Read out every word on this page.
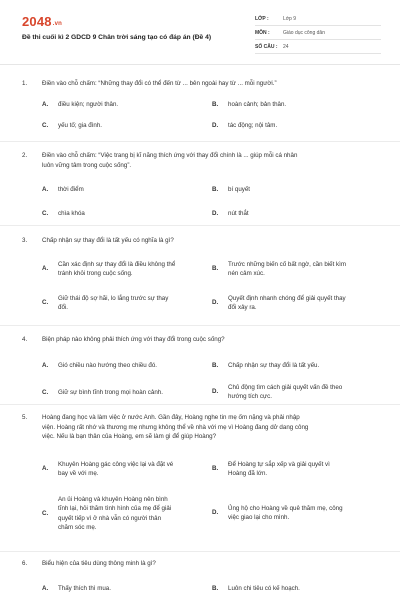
2048.vn
Đề thi cuối kì 2 GDCD 9 Chân trời sáng tạo có đáp án (Đề 4)
LỚP :	Lớp 9
MÔN :	Giáo dục công dân
SỐ CÂU :	24
1. Điền vào chỗ chấm: “Những thay đổi có thể đến từ ... bên ngoài hay từ ... mỗi người.”
A.	điều kiện; người thân.	B.	hoàn cảnh; bản thân.
C.	yếu tố; gia đình.	D.	tác động; nội tâm.
2. Điền vào chỗ chấm: “Việc trang bị kĩ năng thích ứng với thay đổi chính là ... giúp mỗi cá nhân
luôn vững tâm trong cuộc sống”.
A.	thời điểm	B.	bí quyết
C.	chìa khóa	D.	nút thắt
3. Chấp nhận sự thay đổi là tất yếu có nghĩa là gì?
A.
Cần xác định sự thay đổi là điều không thể
tránh khỏi trong cuộc sống.
B.
Trước những biến cố bất ngờ, cần biết kìm
nén cảm xúc.
C.
Giữ thái độ sợ hãi, lo lắng trước sự thay
đổi.
D.
Quyết định nhanh chóng để giải quyết thay
đổi xảy ra.
4. Biện pháp nào không phải thích ứng với thay đổi trong cuộc sống?
A.	Gió chiều nào hướng theo chiều đó.	B.	Chấp nhận sự thay đổi là tất yếu.
C.	Giữ sự bình tĩnh trong mọi hoàn cảnh.	D.
Chủ động tìm cách giải quyết vấn đề theo
hướng tích cực.
5. Hoàng đang học và làm việc ở nước Anh. Gần đây, Hoàng nghe tin mẹ ốm nặng và phải nhập
viện. Hoàng rất nhớ và thương mẹ nhưng không thể về nhà với mẹ vì Hoàng đang dở dang công
việc. Nếu là bạn thân của Hoàng, em sẽ làm gì để giúp Hoàng?
A.
Khuyên Hoàng gác công việc lại và đặt vé
bay về với mẹ.
B.
Để Hoàng tự sắp xếp và giải quyết vì
Hoàng đã lớn.
C.
An ủi Hoàng và khuyên Hoàng nên bình
tĩnh lại, hỏi thăm tình hình của mẹ để giải
quyết tiếp vì ở nhà vẫn có người thân
chăm sóc mẹ.
D.
Ủng hộ cho Hoàng về quê thăm mẹ, công
việc giao lại cho mình.
6. Biểu hiện của tiêu dùng thông minh là gì?
A.	Thấy thích thì mua.	B.	Luôn chi tiêu có kế hoạch.
